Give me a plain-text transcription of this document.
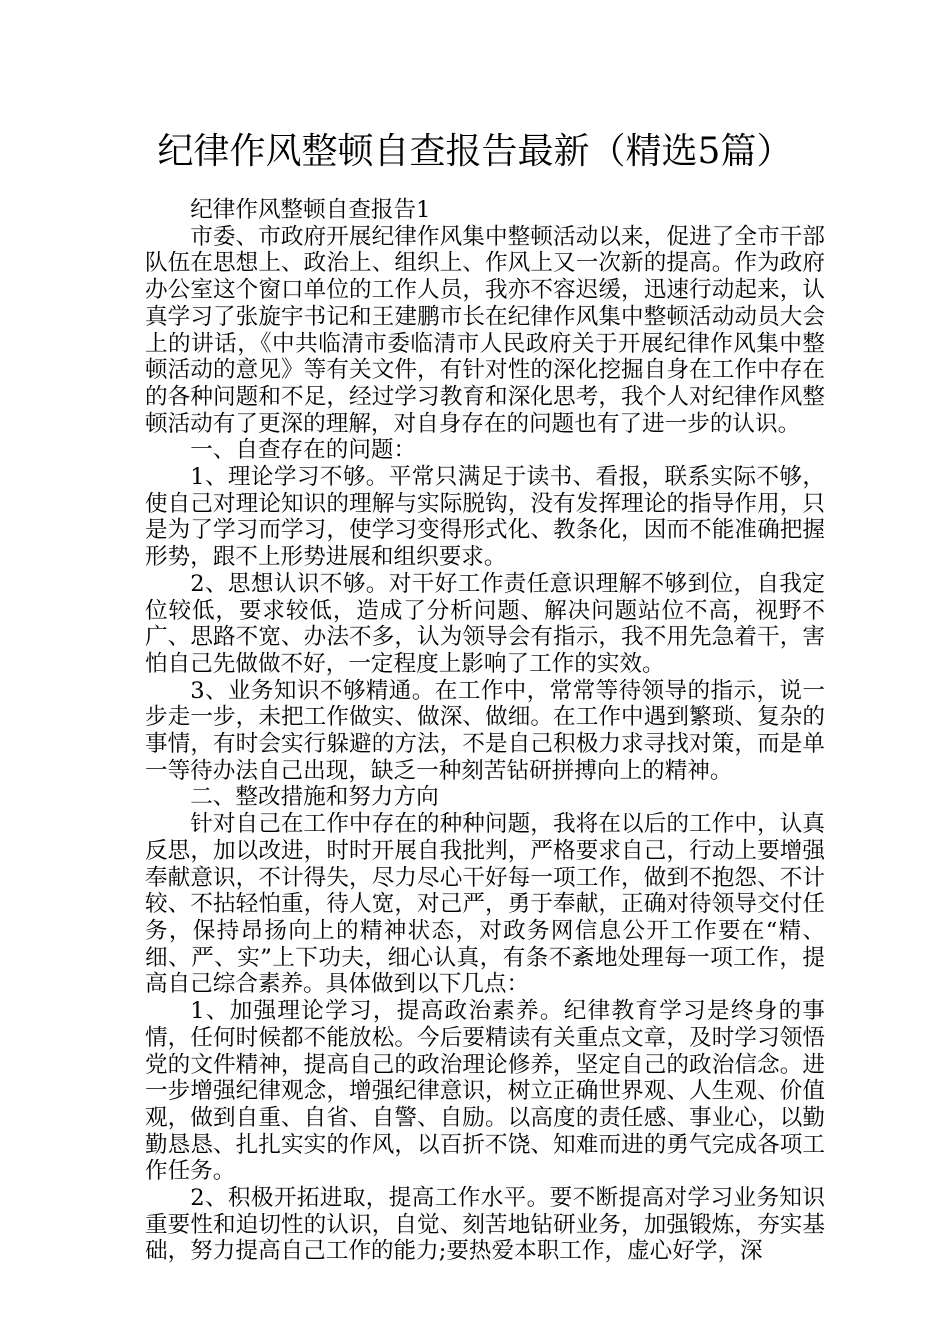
纪律作风整顿自查报告最新（精选5篇）

纪律作风整顿自查报告1

市委、市政府开展纪律作风集中整顿活动以来，促进了全市干部队伍在思想上、政治上、组织上、作风上又一次新的提高。作为政府办公室这个窗口单位的工作人员，我亦不容迟缓，迅速行动起来，认真学习了张旋宇书记和王建鹏市长在纪律作风集中整顿活动动员大会上的讲话，《中共临清市委临清市人民政府关于开展纪律作风集中整顿活动的意见》等有关文件，有针对性的深化挖掘自身在工作中存在的各种问题和不足，经过学习教育和深化思考，我个人对纪律作风整顿活动有了更深的理解，对自身存在的问题也有了进一步的认识。

一、自查存在的问题：

1、理论学习不够。平常只满足于读书、看报，联系实际不够，使自己对理论知识的理解与实际脱钩，没有发挥理论的指导作用，只是为了学习而学习，使学习变得形式化、教条化，因而不能准确把握形势，跟不上形势进展和组织要求。

2、思想认识不够。对干好工作责任意识理解不够到位，自我定位较低，要求较低，造成了分析问题、解决问题站位不高，视野不广、思路不宽、办法不多，认为领导会有指示，我不用先急着干，害怕自己先做做不好，一定程度上影响了工作的实效。

3、业务知识不够精通。在工作中，常常等待领导的指示，说一步走一步，未把工作做实、做深、做细。在工作中遇到繁琐、复杂的事情，有时会实行躲避的方法，不是自己积极力求寻找对策，而是单一等待办法自己出现，缺乏一种刻苦钻研拼搏向上的精神。

二、整改措施和努力方向

针对自己在工作中存在的种种问题，我将在以后的工作中，认真反思，加以改进，时时开展自我批判，严格要求自己，行动上要增强奉献意识，不计得失，尽力尽心干好每一项工作，做到不抱怨、不计较、不拈轻怕重，待人宽，对己严，勇于奉献，正确对待领导交付任务，保持昂扬向上的精神状态，对政务网信息公开工作要在“精、细、严、实”上下功夫，细心认真，有条不紊地处理每一项工作，提高自己综合素养。具体做到以下几点：

1、加强理论学习，提高政治素养。纪律教育学习是终身的事情，任何时候都不能放松。今后要精读有关重点文章，及时学习领悟党的文件精神，提高自己的政治理论修养，坚定自己的政治信念。进一步增强纪律观念，增强纪律意识，树立正确世界观、人生观、价值观，做到自重、自省、自警、自励。以高度的责任感、事业心，以勤勤恳恳、扎扎实实的作风，以百折不饶、知难而进的勇气完成各项工作任务。

2、积极开拓进取，提高工作水平。要不断提高对学习业务知识重要性和迫切性的认识，自觉、刻苦地钻研业务，加强锻炼，夯实基础，努力提高自己工作的能力;要热爱本职工作，虚心好学，深
